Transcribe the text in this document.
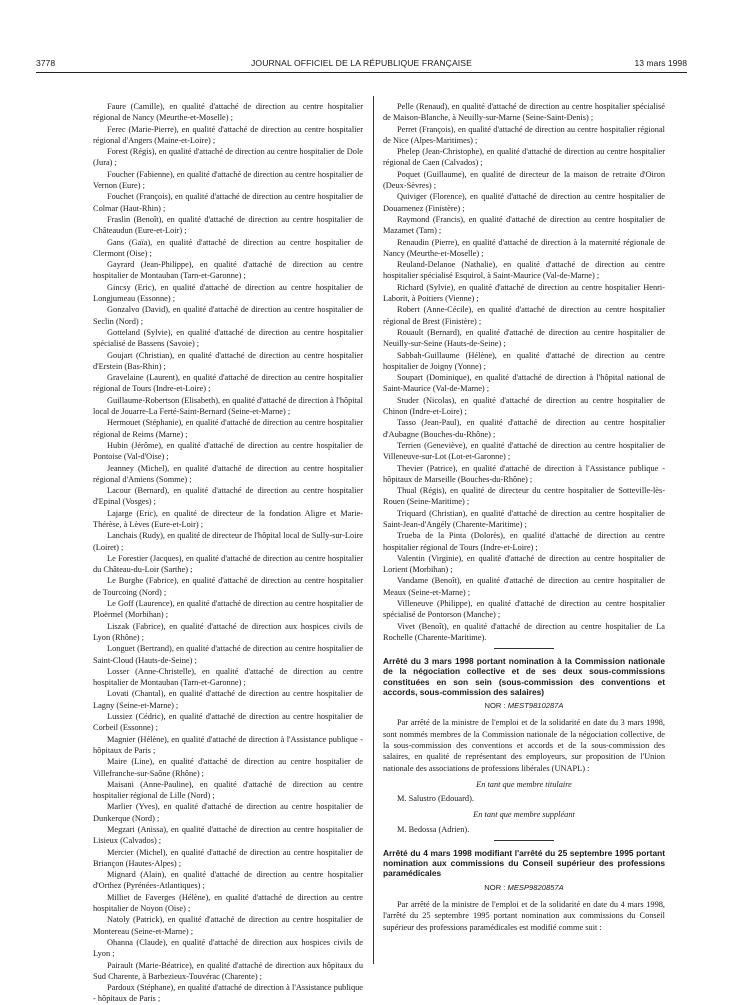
3778	JOURNAL OFFICIEL DE LA RÉPUBLIQUE FRANÇAISE	13 mars 1998

Faure (Camille), en qualité d'attaché de direction au centre hospitalier régional de Nancy (Meurthe-et-Moselle) ;

Ferec (Marie-Pierre), en qualité d'attaché de direction au centre hospitalier régional d'Angers (Maine-et-Loire) ;

Forest (Régis), en qualité d'attaché de direction au centre hospitalier de Dole (Jura) ;

Foucher (Fabienne), en qualité d'attaché de direction au centre hospitalier de Vernon (Eure) ;

Fouchet (François), en qualité d'attaché de direction au centre hospitalier de Colmar (Haut-Rhin) ;

Fraslin (Benoît), en qualité d'attaché de direction au centre hospitalier de Châteaudun (Eure-et-Loir) ;

Gans (Gaïa), en qualité d'attaché de direction au centre hospitalier de Clermont (Oise) ;

Gayrard (Jean-Philippe), en qualité d'attaché de direction au centre hospitalier de Montauban (Tarn-et-Garonne) ;

Gincsy (Eric), en qualité d'attaché de direction au centre hospitalier de Longjumeau (Essonne) ;

Gonzalvo (David), en qualité d'attaché de direction au centre hospitalier de Seclin (Nord) ;

Gotteland (Sylvie), en qualité d'attaché de direction au centre hospitalier spécialisé de Bassens (Savoie) ;

Goujart (Christian), en qualité d'attaché de direction au centre hospitalier d'Erstein (Bas-Rhin) ;

Gravelaine (Laurent), en qualité d'attaché de direction au centre hospitalier régional de Tours (Indre-et-Loire) ;

Guillaume-Robertson (Elisabeth), en qualité d'attaché de direction à l'hôpital local de Jouarre-La Ferté-Saint-Bernard (Seine-et-Marne) ;

Hermouet (Stéphanie), en qualité d'attaché de direction au centre hospitalier régional de Reims (Marne) ;

Hubin (Jérôme), en qualité d'attaché de direction au centre hospitalier de Pontoise (Val-d'Oise) ;

Jeanney (Michel), en qualité d'attaché de direction au centre hospitalier régional d'Amiens (Somme) ;

Lacour (Bernard), en qualité d'attaché de direction au centre hospitalier d'Epinal (Vosges) ;

Lajarge (Eric), en qualité de directeur de la fondation Aligre et Marie-Thérèse, à Lèves (Eure-et-Loir) ;

Lanchais (Rudy), en qualité de directeur de l'hôpital local de Sully-sur-Loire (Loiret) ;

Le Forestier (Jacques), en qualité d'attaché de direction au centre hospitalier du Château-du-Loir (Sarthe) ;

Le Burghe (Fabrice), en qualité d'attaché de direction au centre hospitalier de Tourcoing (Nord) ;

Le Goff (Laurence), en qualité d'attaché de direction au centre hospitalier de Ploërmel (Morbihan) ;

Liszak (Fabrice), en qualité d'attaché de direction aux hospices civils de Lyon (Rhône) ;

Longuet (Bertrand), en qualité d'attaché de direction au centre hospitalier de Saint-Cloud (Hauts-de-Seine) ;

Losser (Anne-Christelle), en qualité d'attaché de direction au centre hospitalier de Montauban (Tarn-et-Garonne) ;

Lovati (Chantal), en qualité d'attaché de direction au centre hospitalier de Lagny (Seine-et-Marne) ;

Lussiez (Cédric), en qualité d'attaché de direction au centre hospitalier de Corbeil (Essonne) ;

Magnier (Hélène), en qualité d'attaché de direction à l'Assistance publique - hôpitaux de Paris ;

Maire (Line), en qualité d'attaché de direction au centre hospitalier de Villefranche-sur-Saône (Rhône) ;

Maisani (Anne-Pauline), en qualité d'attaché de direction au centre hospitalier régional de Lille (Nord) ;

Marlier (Yves), en qualité d'attaché de direction au centre hospitalier de Dunkerque (Nord) ;

Megzari (Anissa), en qualité d'attaché de direction au centre hospitalier de Lisieux (Calvados) ;

Mercier (Michel), en qualité d'attaché de direction au centre hospitalier de Briançon (Hautes-Alpes) ;

Mignard (Alain), en qualité d'attaché de direction au centre hospitalier d'Orthez (Pyrénées-Atlantiques) ;

Milliet de Faverges (Hélène), en qualité d'attaché de direction au centre hospitalier de Noyon (Oise) ;

Natoly (Patrick), en qualité d'attaché de direction au centre hospitalier de Montereau (Seine-et-Marne) ;

Ohanna (Claude), en qualité d'attaché de direction aux hospices civils de Lyon ;

Pairault (Marie-Béatrice), en qualité d'attaché de direction aux hôpitaux du Sud Charente, à Barbezieux-Touvérac (Charente) ;

Pardoux (Stéphane), en qualité d'attaché de direction à l'Assistance publique - hôpitaux de Paris ;

Pelle (Renaud), en qualité d'attaché de direction au centre hospitalier spécialisé de Maison-Blanche, à Neuilly-sur-Marne (Seine-Saint-Denis) ;

Perret (François), en qualité d'attaché de direction au centre hospitalier régional de Nice (Alpes-Maritimes) ;

Phelep (Jean-Christophe), en qualité d'attaché de direction au centre hospitalier régional de Caen (Calvados) ;

Poquet (Guillaume), en qualité de directeur de la maison de retraite d'Oiron (Deux-Sèvres) ;

Quiviger (Florence), en qualité d'attaché de direction au centre hospitalier de Douarnenez (Finistère) ;

Raymond (Francis), en qualité d'attaché de direction au centre hospitalier de Mazamet (Tarn) ;

Renaudin (Pierre), en qualité d'attaché de direction à la maternité régionale de Nancy (Meurthe-et-Moselle) ;

Reuland-Delanoe (Nathalie), en qualité d'attaché de direction au centre hospitalier spécialisé Esquirol, à Saint-Maurice (Val-de-Marne) ;

Richard (Sylvie), en qualité d'attaché de direction au centre hospitalier Henri-Laborit, à Poitiers (Vienne) ;

Robert (Anne-Cécile), en qualité d'attaché de direction au centre hospitalier régional de Brest (Finistère) ;

Rouault (Bernard), en qualité d'attaché de direction au centre hospitalier de Neuilly-sur-Seine (Hauts-de-Seine) ;

Sabbah-Guillaume (Hélène), en qualité d'attaché de direction au centre hospitalier de Joigny (Yonne) ;

Soupart (Dominique), en qualité d'attaché de direction à l'hôpital national de Saint-Maurice (Val-de-Marne) ;

Studer (Nicolas), en qualité d'attaché de direction au centre hospitalier de Chinon (Indre-et-Loire) ;

Tasso (Jean-Paul), en qualité d'attaché de direction au centre hospitalier d'Aubagne (Bouches-du-Rhône) ;

Terrien (Geneviève), en qualité d'attaché de direction au centre hospitalier de Villeneuve-sur-Lot (Lot-et-Garonne) ;

Thevier (Patrice), en qualité d'attaché de direction à l'Assistance publique - hôpitaux de Marseille (Bouches-du-Rhône) ;

Thual (Régis), en qualité de directeur du centre hospitalier de Sotteville-lès-Rouen (Seine-Maritime) ;

Triquard (Christian), en qualité d'attaché de direction au centre hospitalier de Saint-Jean-d'Angély (Charente-Maritime) ;

Trueba de la Pinta (Dolorès), en qualité d'attaché de direction au centre hospitalier régional de Tours (Indre-et-Loire) ;

Valentin (Virginie), en qualité d'attaché de direction au centre hospitalier de Lorient (Morbihan) ;

Vandame (Benoît), en qualité d'attaché de direction au centre hospitalier de Meaux (Seine-et-Marne) ;

Villeneuve (Philippe), en qualité d'attaché de direction au centre hospitalier spécialisé de Pontorson (Manche) ;

Vivet (Benoît), en qualité d'attaché de direction au centre hospitalier de La Rochelle (Charente-Maritime).

Arrêté du 3 mars 1998 portant nomination à la Commission nationale de la négociation collective et de ses deux sous-commissions constituées en son sein (sous-commission des conventions et accords, sous-commission des salaires)

NOR : MEST9810287A

Par arrêté de la ministre de l'emploi et de la solidarité en date du 3 mars 1998, sont nommés membres de la Commission nationale de la négociation collective, de la sous-commission des conventions et accords et de la sous-commission des salaires, en qualité de représentant des employeurs, sur proposition de l'Union nationale des associations de professions libérales (UNAPL) :

En tant que membre titulaire

M. Salustro (Edouard).

En tant que membre suppléant

M. Bedossa (Adrien).

Arrêté du 4 mars 1998 modifiant l'arrêté du 25 septembre 1995 portant nomination aux commissions du Conseil supérieur des professions paramédicales

NOR : MESP9820857A

Par arrêté de la ministre de l'emploi et de la solidarité en date du 4 mars 1998, l'arrêté du 25 septembre 1995 portant nomination aux commissions du Conseil supérieur des professions paramédicales est modifié comme suit :
